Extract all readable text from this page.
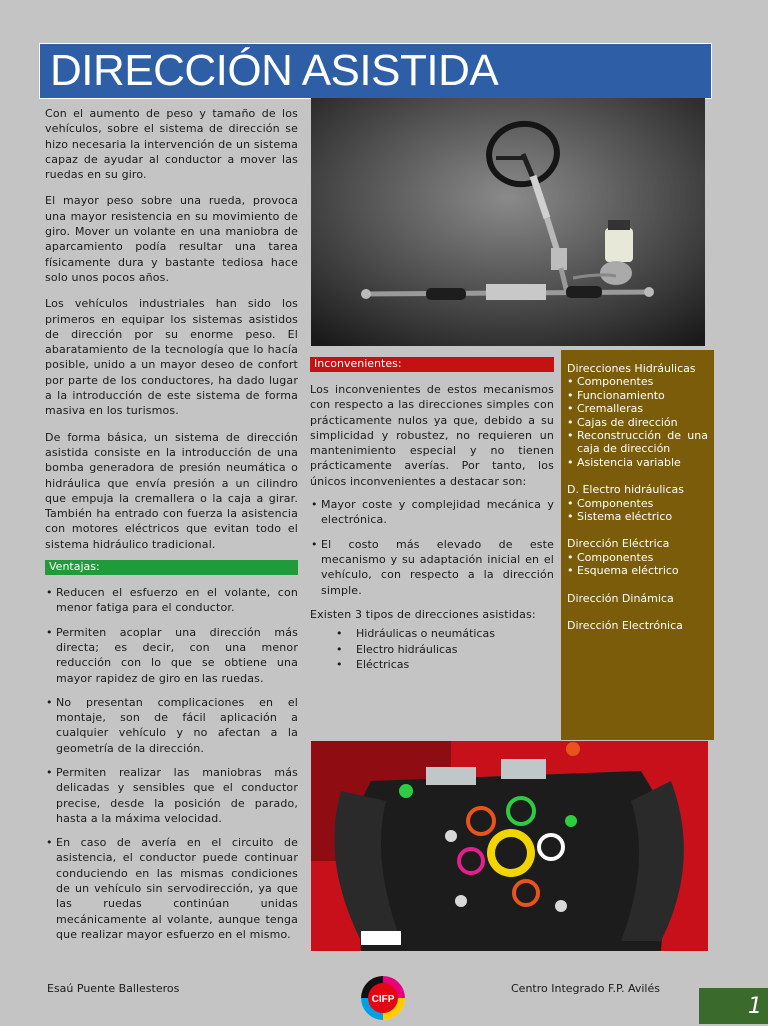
DIRECCIÓN ASISTIDA

Con el aumento de peso y tamaño de los vehículos, sobre el sistema de dirección se hizo necesaria la intervención de un sistema capaz de ayudar al conductor a mover las ruedas en su giro.

El mayor peso sobre una rueda, provoca una mayor resistencia en su movimiento de giro. Mover un volante en una maniobra de aparcamiento podía resultar una tarea físicamente dura y bastante tediosa hace solo unos pocos años.

Los vehículos industriales han sido los primeros en equipar los sistemas asistidos de dirección por su enorme peso. El abaratamiento de la tecnología que lo hacía posible, unido a un mayor deseo de confort por parte de los conductores, ha dado lugar a la introducción de este sistema de forma masiva en los turismos.

De forma básica, un sistema de dirección asistida consiste en la introducción de una bomba generadora de presión neumática o hidráulica que envía presión a un cilindro que empuja la cremallera o la caja a girar. También ha entrado con fuerza la asistencia con motores eléctricos que evitan todo el sistema hidráulico tradicional.

Ventajas:
• Reducen el esfuerzo en el volante, con menor fatiga para el conductor.
• Permiten acoplar una dirección más directa; es decir, con una menor reducción con lo que se obtiene una mayor rapidez de giro en las ruedas.
• No presentan complicaciones en el montaje, son de fácil aplicación a cualquier vehículo y no afectan a la geometría de la dirección.
• Permiten realizar las maniobras más delicadas y sensibles que el conductor precise, desde la posición de parado, hasta a la máxima velocidad.
• En caso de avería en el circuito de asistencia, el conductor puede continuar conduciendo en las mismas condiciones de un vehículo sin servodirección, ya que las ruedas continúan unidas mecánicamente al volante, aunque tenga que realizar mayor esfuerzo en el mismo.
Inconvenientes:

Los inconvenientes de estos mecanismos con respecto a las direcciones simples con prácticamente nulos ya que, debido a su simplicidad y robustez, no requieren un mantenimiento especial y no tienen prácticamente averías. Por tanto, los únicos inconvenientes a destacar son:

• Mayor coste y complejidad mecánica y electrónica.
• El costo más elevado de este mecanismo y su adaptación inicial en el vehículo, con respecto a la dirección simple.

Existen 3 tipos de direcciones asistidas:

• Hidráulicas o neumáticas
• Electro hidráulicas
• Eléctricas
Direcciones Hidráulicas
• Componentes
• Funcionamiento
• Cremalleras
• Cajas de dirección
• Reconstrucción de una caja de dirección
• Asistencia variable
D. Electro hidráulicas
• Componentes
• Sistema eléctrico
Dirección Eléctrica
• Componentes
• Esquema eléctrico
Dirección Dinámica
Dirección Electrónica
Esaú Puente Ballesteros	Centro Integrado F.P. Avilés
CIFP	1
